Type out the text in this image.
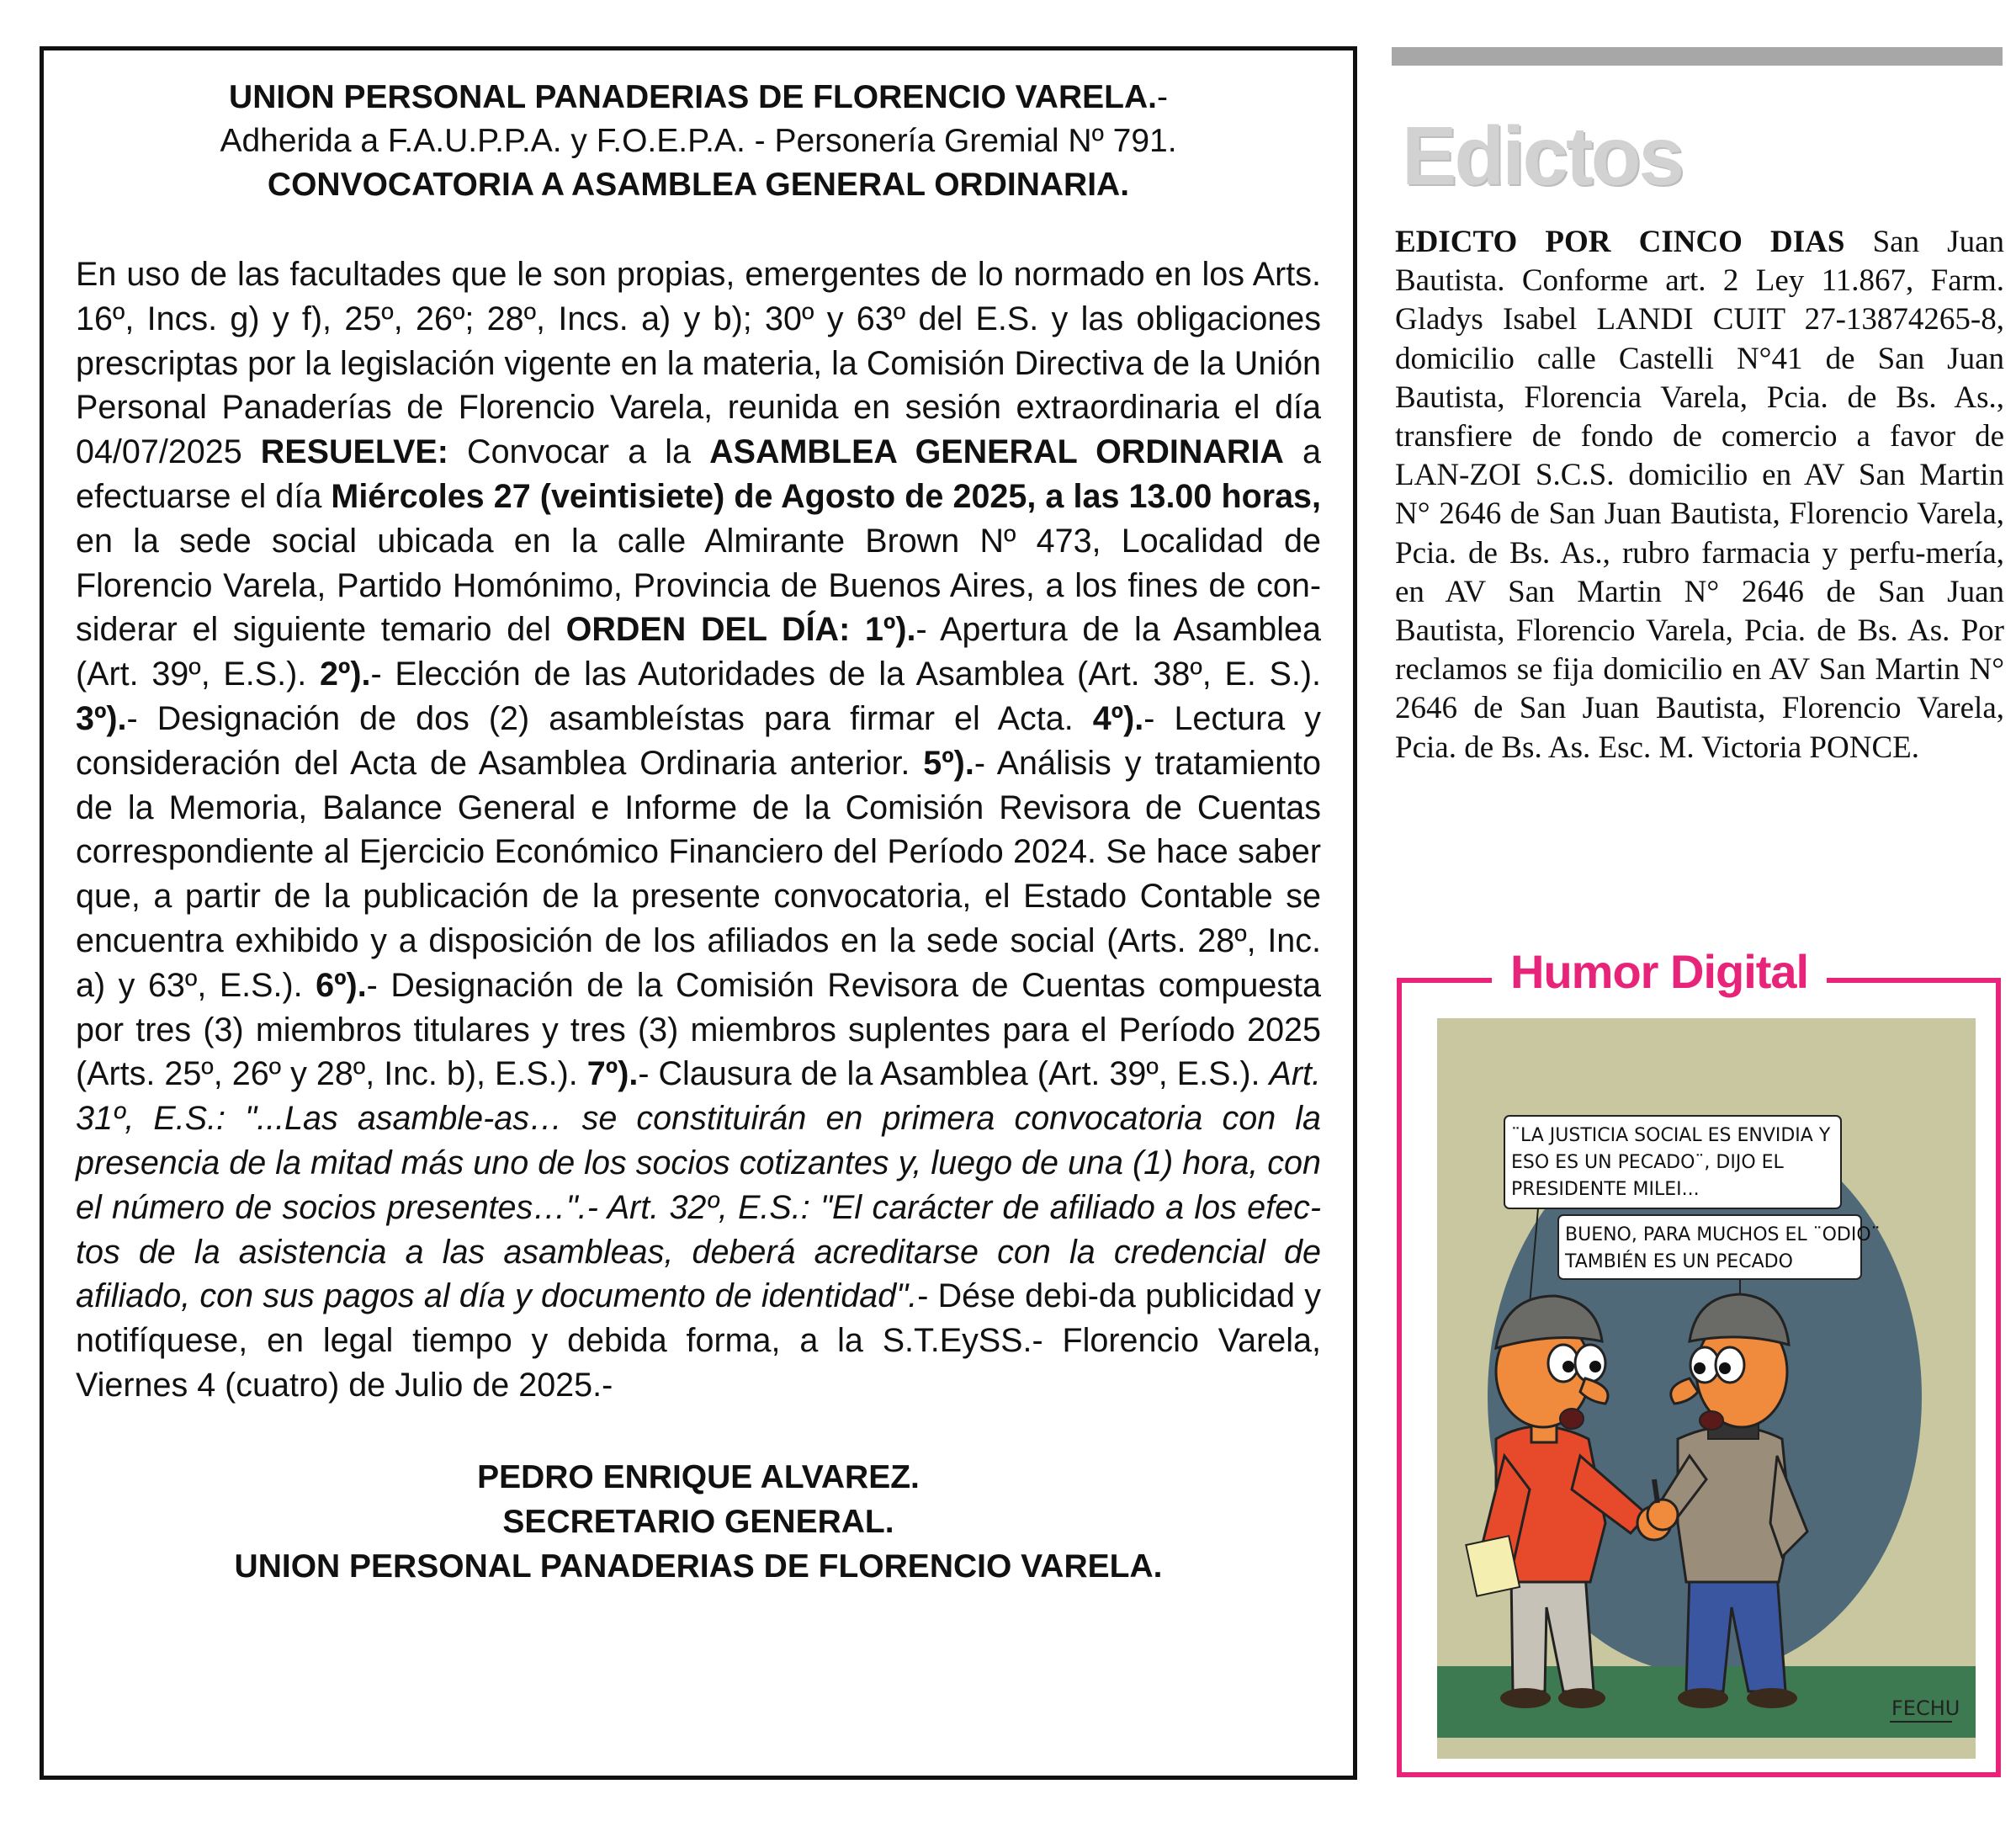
UNION PERSONAL PANADERIAS DE FLORENCIO VARELA.-

Adherida a F.A.U.P.P.A. y F.O.E.P.A. - Personería Gremial Nº 791.

CONVOCATORIA A ASAMBLEA GENERAL ORDINARIA.

En uso de las facultades que le son propias, emergentes de lo normado en los Arts. 16º, Incs. g) y f), 25º, 26º; 28º, Incs. a) y b); 30º y 63º del E.S. y las obligaciones prescriptas por la legislación vigente en la materia, la Comisión Directiva de la Unión Personal Panaderías de Florencio Varela, reunida en sesión extraordinaria el día 04/07/2025 RESUELVE: Convocar a la ASAMBLEA GENERAL ORDINARIA a efectuarse el día Miércoles 27 (veintisiete) de Agosto de 2025, a las 13.00 horas, en la sede social ubicada en la calle Almirante Brown Nº 473, Localidad de Florencio Varela, Partido Homónimo, Provincia de Buenos Aires, a los fines de con-siderar el siguiente temario del ORDEN DEL DÍA: 1º).- Apertura de la Asamblea (Art. 39º, E.S.). 2º).- Elección de las Autoridades de la Asamblea (Art. 38º, E. S.). 3º).- Designación de dos (2) asambleístas para firmar el Acta. 4º).- Lectura y consideración del Acta de Asamblea Ordinaria anterior. 5º).- Análisis y tratamiento de la Memoria, Balance General e Informe de la Comisión Revisora de Cuentas correspondiente al Ejercicio Económico Financiero del Período 2024. Se hace saber que, a partir de la publicación de la presente convocatoria, el Estado Contable se encuentra exhibido y a disposición de los afiliados en la sede social (Arts. 28º, Inc. a) y 63º, E.S.). 6º).- Designación de la Comisión Revisora de Cuentas compuesta por tres (3) miembros titulares y tres (3) miembros suplentes para el Período 2025 (Arts. 25º, 26º y 28º, Inc. b), E.S.). 7º).- Clausura de la Asamblea (Art. 39º, E.S.). Art. 31º, E.S.: "...Las asamble-as… se constituirán en primera convocatoria con la presencia de la mitad más uno de los socios cotizantes y, luego de una (1) hora, con el número de socios presentes…".- Art. 32º, E.S.: "El carácter de afiliado a los efec-tos de la asistencia a las asambleas, deberá acreditarse con la credencial de afiliado, con sus pagos al día y documento de identidad".- Dése debi-da publicidad y notifíquese, en legal tiempo y debida forma, a la S.T.EySS.- Florencio Varela, Viernes 4 (cuatro) de Julio de 2025.-
PEDRO ENRIQUE ALVAREZ.
SECRETARIO GENERAL.
UNION PERSONAL PANADERIAS DE FLORENCIO VARELA.
Edictos
EDICTO POR CINCO DIAS San Juan Bautista. Conforme art. 2 Ley 11.867, Farm. Gladys Isabel LANDI CUIT 27-13874265-8, domicilio calle Castelli N°41 de San Juan Bautista, Florencia Varela, Pcia. de Bs. As., transfiere de fondo de comercio a favor de LAN-ZOI S.C.S. domicilio en AV San Martin N° 2646 de San Juan Bautista, Florencio Varela, Pcia. de Bs. As., rubro farmacia y perfu-mería, en AV San Martin N° 2646 de San Juan Bautista, Florencio Varela, Pcia. de Bs. As. Por reclamos se fija domicilio en AV San Martin N° 2646 de San Juan Bautista, Florencio Varela, Pcia. de Bs. As. Esc. M. Victoria PONCE.
Humor Digital
¨LA JUSTICIA SOCIAL ES ENVIDIA Y
ESO ES UN PECADO¨, DIJO EL
PRESIDENTE MILEI...
BUENO, PARA MUCHOS EL ¨ODIO¨
TAMBIÉN ES UN PECADO
FECHU
